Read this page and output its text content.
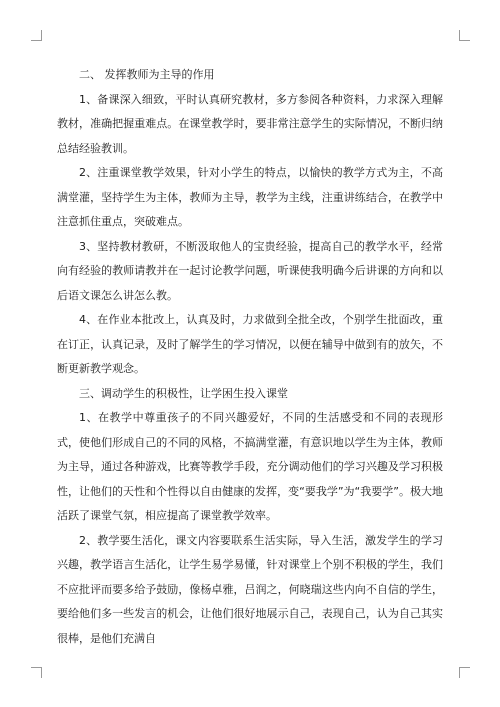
二、 发挥教师为主导的作用

1、备课深入细致，平时认真研究教材，多方参阅各种资料，力求深入理解教材，准确把握重难点。在课堂教学时，要非常注意学生的实际情况，不断归纳总结经验教训。

2、注重课堂教学效果，针对小学生的特点，以愉快的教学方式为主，不高满堂灌，坚持学生为主体，教师为主导，教学为主线，注重讲练结合，在教学中注意抓住重点，突破难点。

3、坚持教材教研，不断汲取他人的宝贵经验，提高自己的教学水平，经常向有经验的教师请教并在一起讨论教学问题，听课使我明确今后讲课的方向和以后语文课怎么讲怎么教。

4、在作业本批改上，认真及时，力求做到全批全改，个别学生批面改，重在订正，认真记录，及时了解学生的学习情况，以便在辅导中做到有的放矢，不断更新教学观念。

三、调动学生的积极性，让学困生投入课堂

1、在教学中尊重孩子的不同兴趣爱好，不同的生活感受和不同的表现形式，使他们形成自己的不同的风格，不搞满堂灌，有意识地以学生为主体，教师为主导，通过各种游戏，比赛等教学手段，充分调动他们的学习兴趣及学习积极性，让他们的天性和个性得以自由健康的发挥，变“要我学”为“我要学”。极大地活跃了课堂气氛，相应提高了课堂教学效率。

2、教学要生活化，课文内容要联系生活实际，导入生活，激发学生的学习兴趣，教学语言生活化，让学生易学易懂，针对课堂上个别不积极的学生，我们不应批评而要多给予鼓励，像杨卓雅，吕润之，何晓瑞这些内向不自信的学生，要给他们多一些发言的机会，让他们很好地展示自己，表现自己，认为自己其实很棒，是他们充满自
